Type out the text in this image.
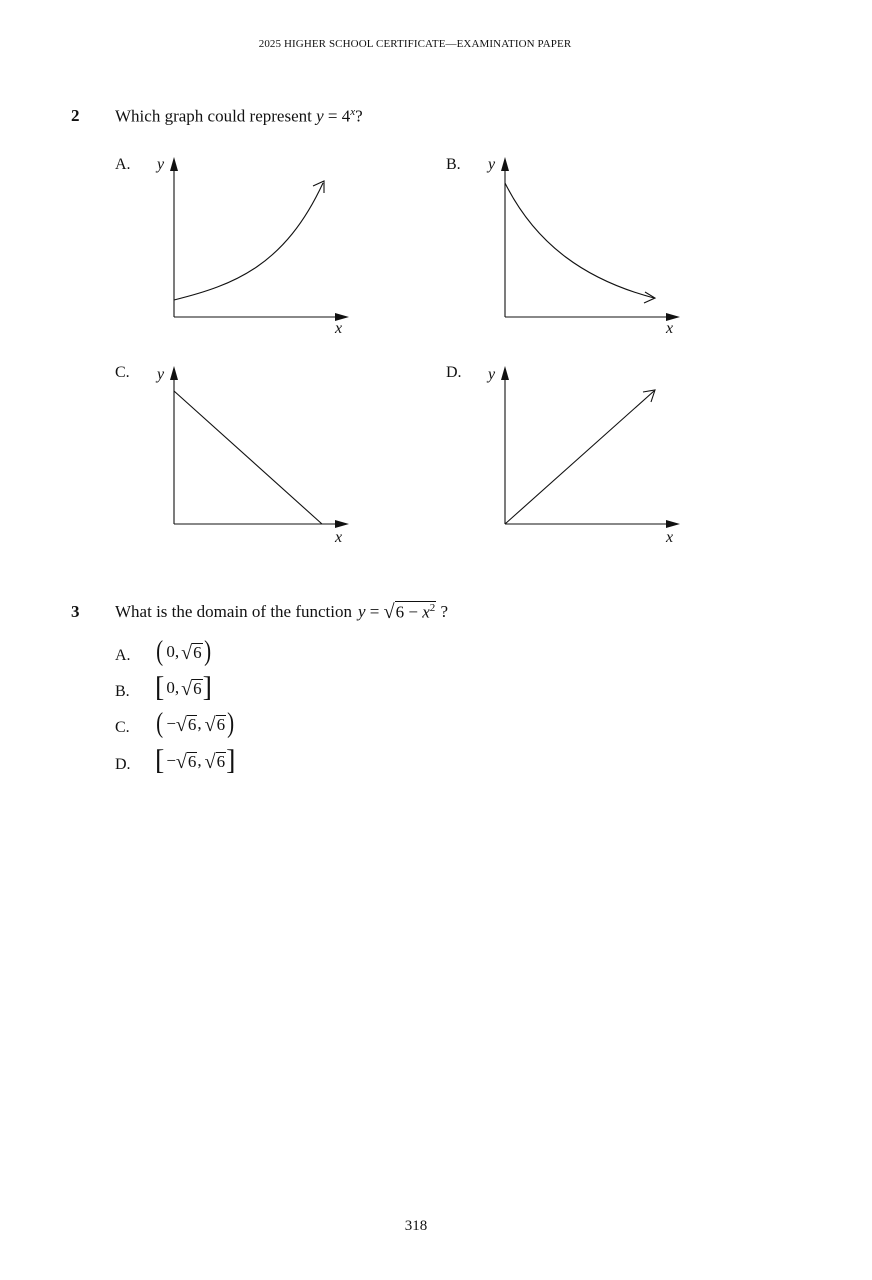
2025 HIGHER SCHOOL CERTIFICATE—EXAMINATION PAPER
2 Which graph could represent $y = 4^x$?
A. y
x
B. y
x
C. y
x
D. y
x
3 What is the domain of the function y = √ $6 - x^2$ ?
A. ( 0, √ 6 )
B. [ 0, √ 6 ]
C. ( − √ 6 , √ 6 )
D. [ − √ 6 , √ 6 ]
318
